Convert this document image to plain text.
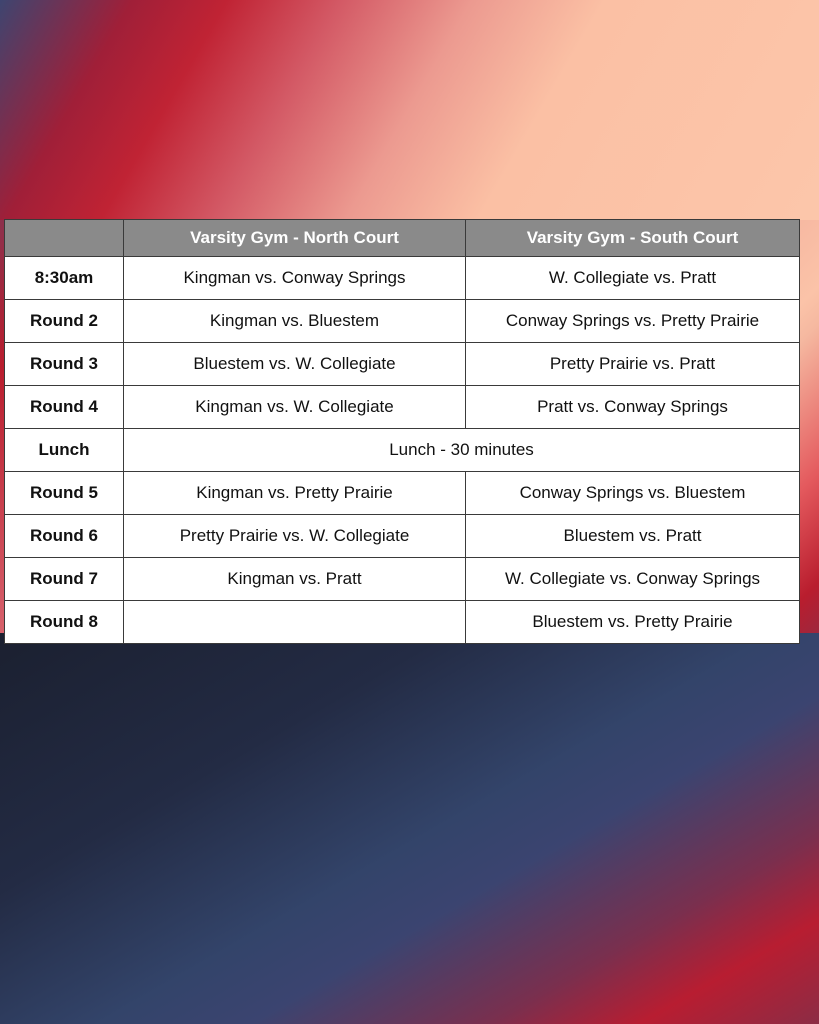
	Varsity Gym - North Court	Varsity Gym - South Court
8:30am	Kingman vs. Conway Springs	W. Collegiate vs. Pratt
Round 2	Kingman vs. Bluestem	Conway Springs vs. Pretty Prairie
Round 3	Bluestem vs. W. Collegiate	Pretty Prairie vs. Pratt
Round 4	Kingman vs. W. Collegiate	Pratt vs. Conway Springs
Lunch	Lunch - 30 minutes	
Round 5	Kingman vs. Pretty Prairie	Conway Springs vs. Bluestem
Round 6	Pretty Prairie vs. W. Collegiate	Bluestem vs. Pratt
Round 7	Kingman vs. Pratt	W. Collegiate vs. Conway Springs
Round 8		Bluestem vs. Pretty Prairie
